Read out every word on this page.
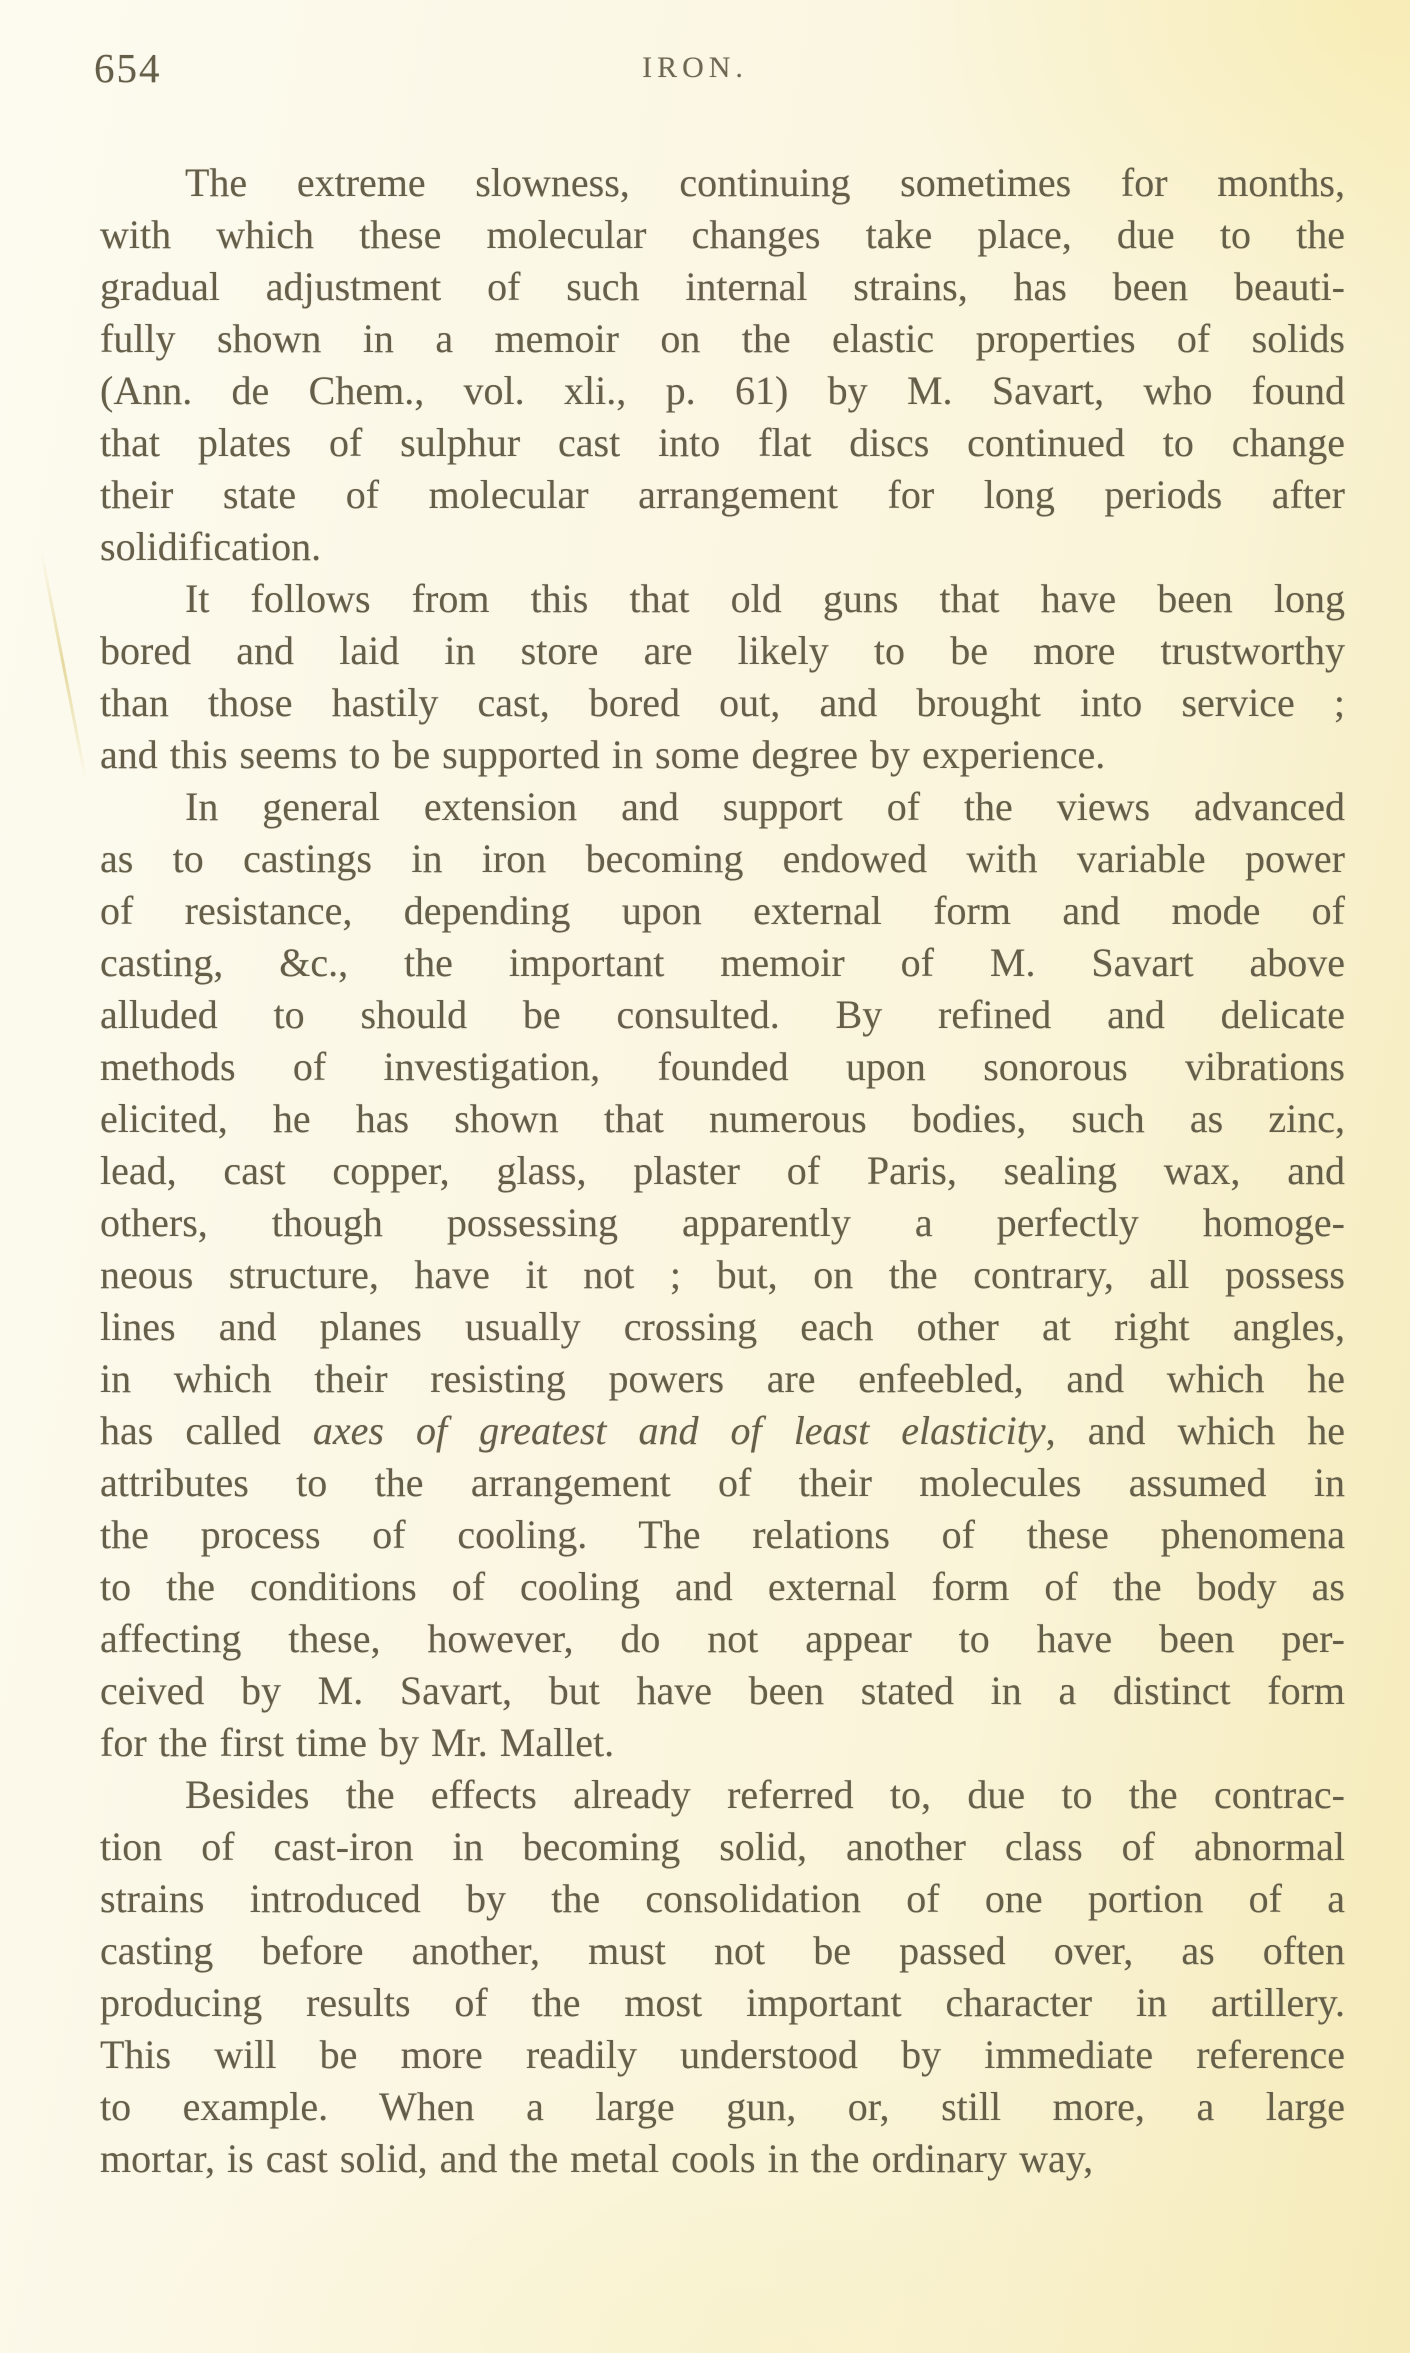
654	IRON.
The extreme slowness, continuing sometimes for months,
with which these molecular changes take place, due to the
gradual adjustment of such internal strains, has been beauti-
fully shown in a memoir on the elastic properties of solids
(Ann. de Chem., vol. xli., p. 61) by M. Savart, who found
that plates of sulphur cast into flat discs continued to change
their state of molecular arrangement for long periods after
solidification.
It follows from this that old guns that have been long
bored and laid in store are likely to be more trustworthy
than those hastily cast, bored out, and brought into service ;
and this seems to be supported in some degree by experience.
In general extension and support of the views advanced
as to castings in iron becoming endowed with variable power
of resistance, depending upon external form and mode of
casting, &c., the important memoir of M. Savart above
alluded to should be consulted. By refined and delicate
methods of investigation, founded upon sonorous vibrations
elicited, he has shown that numerous bodies, such as zinc,
lead, cast copper, glass, plaster of Paris, sealing wax, and
others, though possessing apparently a perfectly homoge-
neous structure, have it not ; but, on the contrary, all possess
lines and planes usually crossing each other at right angles,
in which their resisting powers are enfeebled, and which he
has called axes of greatest and of least elasticity, and which he
attributes to the arrangement of their molecules assumed in
the process of cooling. The relations of these phenomena
to the conditions of cooling and external form of the body as
affecting these, however, do not appear to have been per-
ceived by M. Savart, but have been stated in a distinct form
for the first time by Mr. Mallet.
Besides the effects already referred to, due to the contrac-
tion of cast-iron in becoming solid, another class of abnormal
strains introduced by the consolidation of one portion of a
casting before another, must not be passed over, as often
producing results of the most important character in artillery.
This will be more readily understood by immediate reference
to example. When a large gun, or, still more, a large
mortar, is cast solid, and the metal cools in the ordinary way,
